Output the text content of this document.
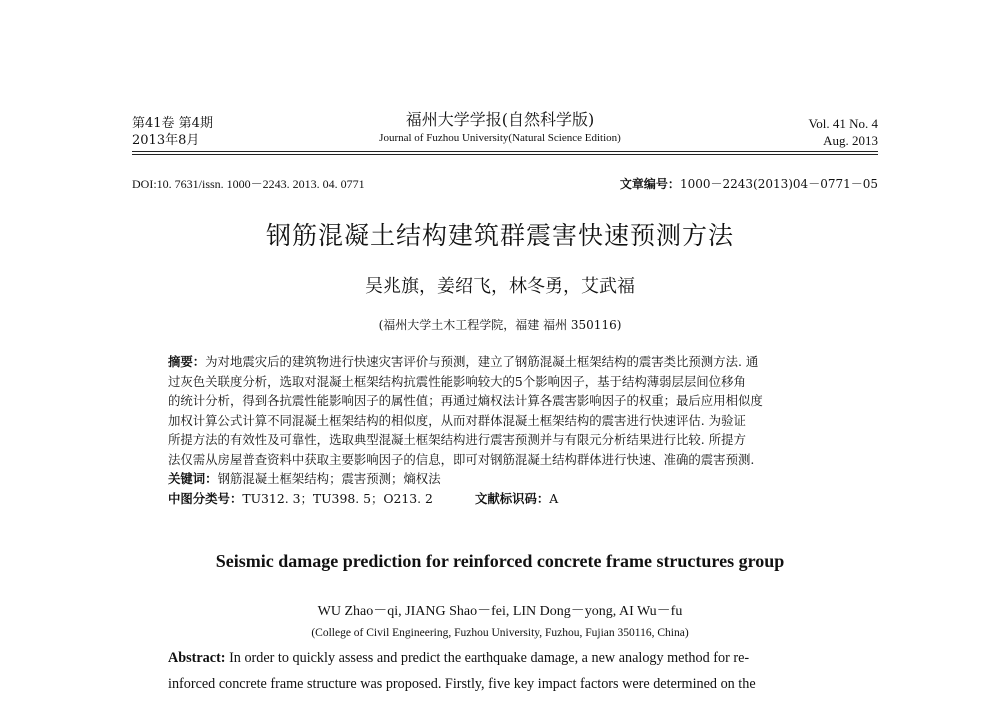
第41卷 第4期
2013年8月
福州大学学报(自然科学版)
Journal of Fuzhou University(Natural Science Edition)
Vol. 41 No. 4
Aug. 2013
DOI:10. 7631/issn. 1000－2243. 2013. 04. 0771	文章编号：1000－2243(2013)04－0771－05
钢筋混凝土结构建筑群震害快速预测方法
吴兆旗，姜绍飞，林冬勇，艾武福
(福州大学土木工程学院，福建 福州 350116)

摘要：为对地震灾后的建筑物进行快速灾害评价与预测，建立了钢筋混凝土框架结构的震害类比预测方法. 通

过灰色关联度分析，选取对混凝土框架结构抗震性能影响较大的5个影响因子，基于结构薄弱层层间位移角

的统计分析，得到各抗震性能影响因子的属性值；再通过熵权法计算各震害影响因子的权重；最后应用相似度

加权计算公式计算不同混凝土框架结构的相似度，从而对群体混凝土框架结构的震害进行快速评估. 为验证

所提方法的有效性及可靠性，选取典型混凝土框架结构进行震害预测并与有限元分析结果进行比较. 所提方

法仅需从房屋普查资料中获取主要影响因子的信息，即可对钢筋混凝土结构群体进行快速、准确的震害预测.

关键词：钢筋混凝土框架结构；震害预测；熵权法

中图分类号：TU312. 3；TU398. 5；O213. 2	文献标识码：A

Seismic damage prediction for reinforced concrete frame structures group
WU Zhao－qi, JIANG Shao－fei, LIN Dong－yong, AI Wu－fu
(College of Civil Engineering, Fuzhou University, Fuzhou, Fujian 350116, China)

Abstract: In order to quickly assess and predict the earthquake damage, a new analogy method for re-

inforced concrete frame structure was proposed. Firstly, five key impact factors were determined on the
